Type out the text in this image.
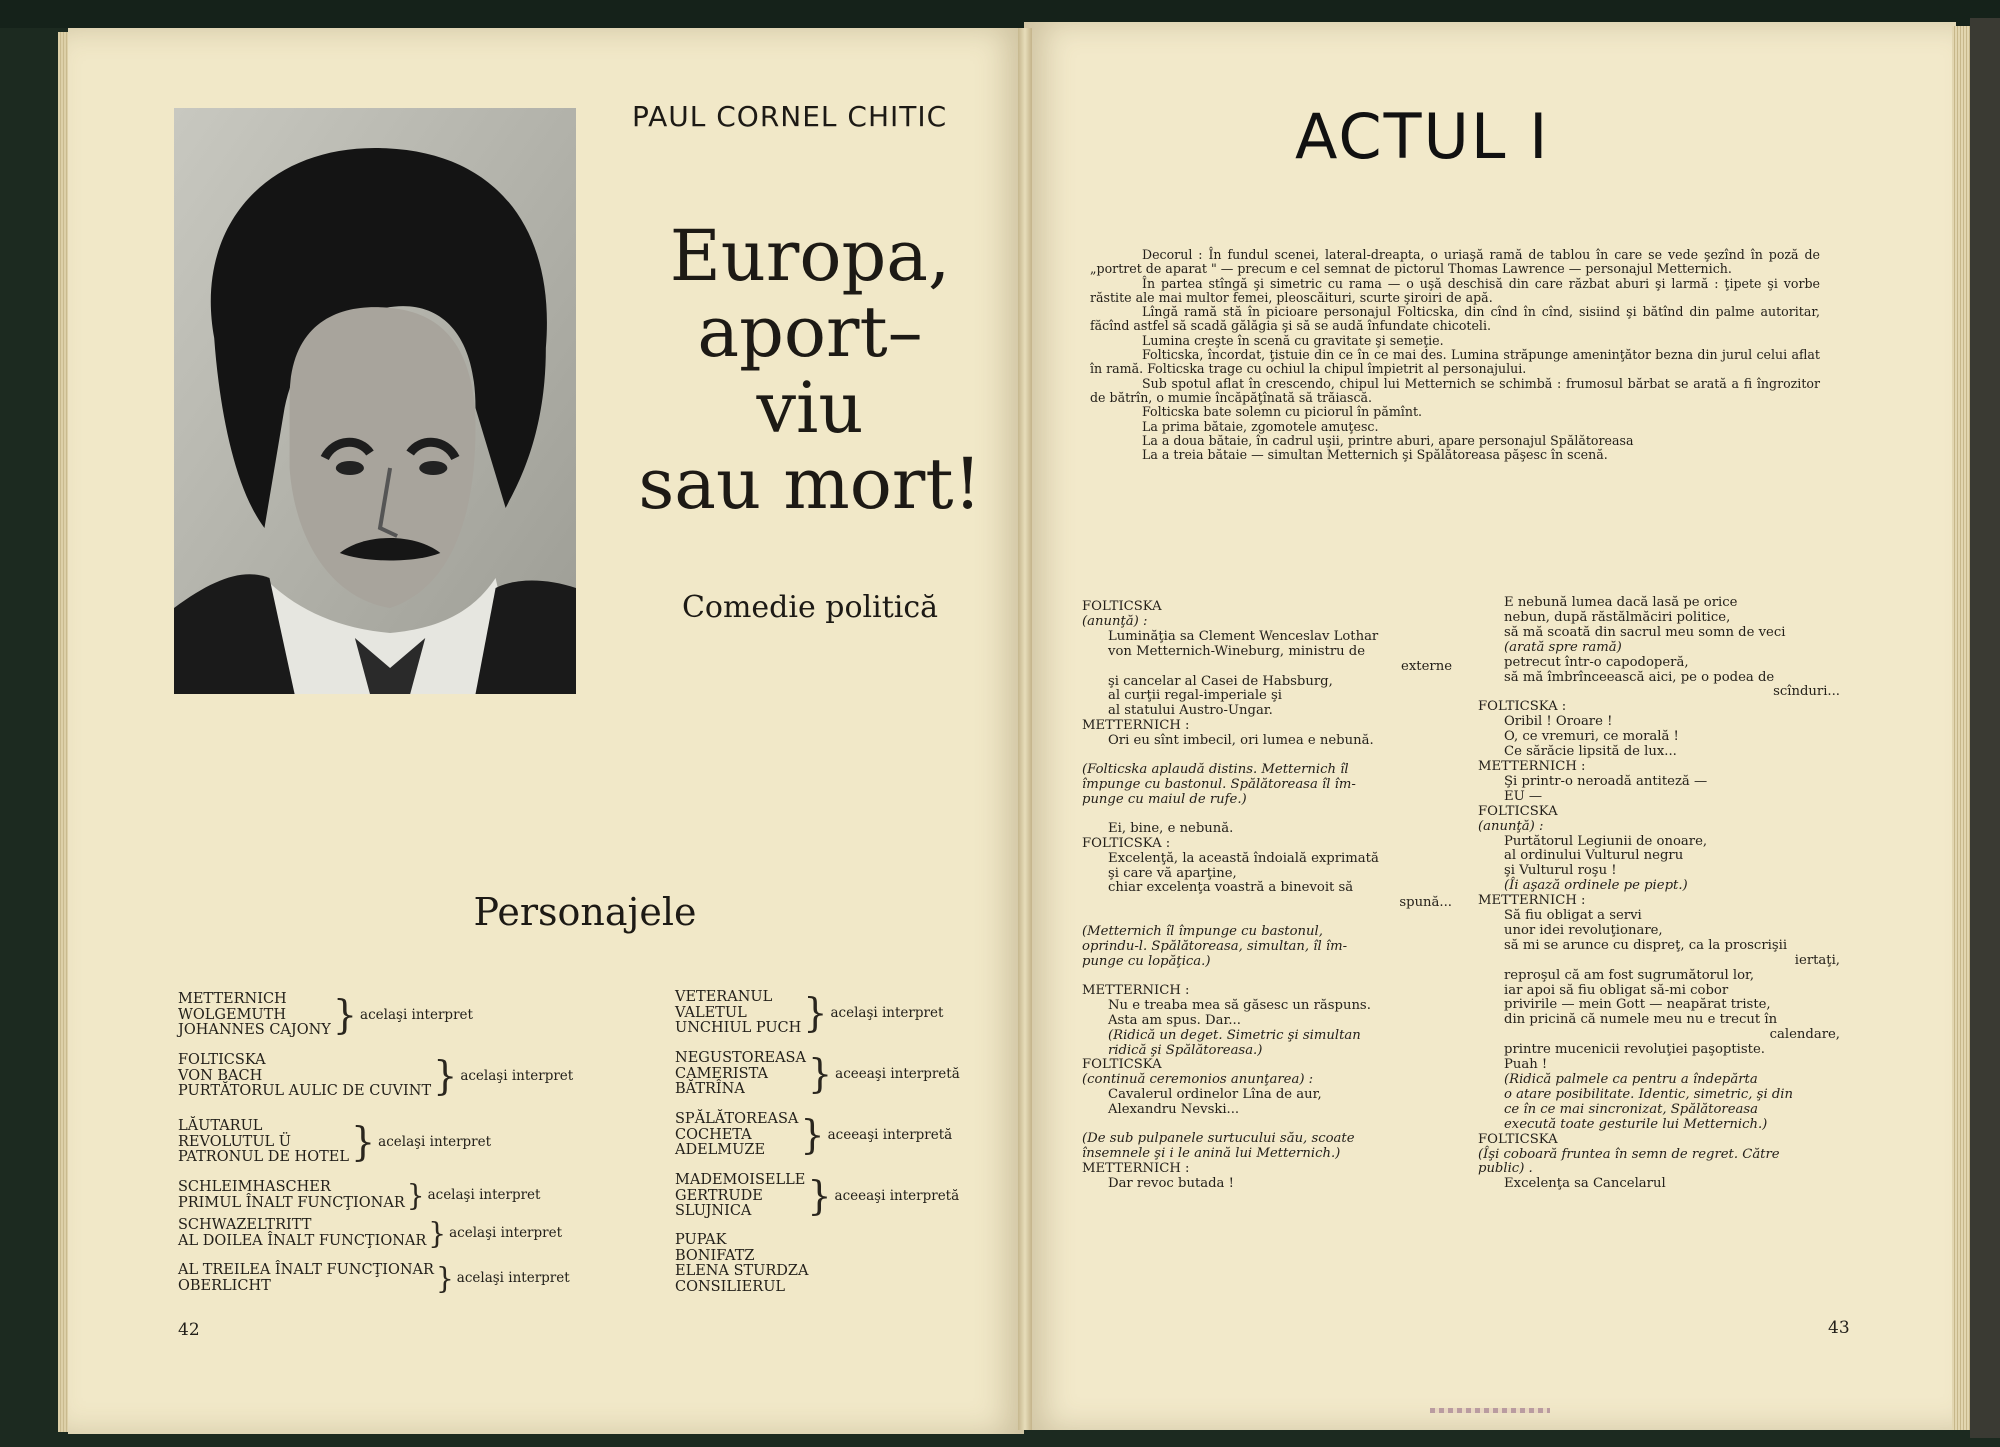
PAUL CORNEL CHITIC
Europa,
aport–
viu
sau mort!
Comedie politică
Personajele
METTERNICH
WOLGEMUTH
JOHANNES CAJONY } acelaşi interpret
FOLTICSKA
VON BACH
PURTĂTORUL AULIC DE CUVINT } acelaşi interpret
LĂUTARUL
REVOLUTUL Ü
PATRONUL DE HOTEL } acelaşi interpret
SCHLEIMHASCHER
PRIMUL ÎNALT FUNCŢIONAR } acelaşi interpret
SCHWAZELTRITT
AL DOILEA ÎNALT FUNCŢIONAR } acelaşi interpret
AL TREILEA ÎNALT FUNCŢIONAR
OBERLICHT	} acelaşi interpret
VETERANUL
VALETUL
UNCHIUL PUCH } acelaşi interpret
NEGUSTOREASA
CAMERISTA
BĂTRÎNA	} aceeaşi interpretă
SPĂLĂTOREASA
COCHETA
ADELMUZE } aceeaşi interpretă
MADEMOISELLE
GERTRUDE
SLUJNICA	} aceeaşi interpretă
PUPAK
BONIFATZ
ELENA STURDZA
CONSILIERUL
42
ACTUL I

Decorul : În fundul scenei, lateral-dreapta, o uriaşă ramă de tablou în care se vede şezînd în poză de „portret de aparat " — precum e cel semnat de pictorul Thomas Lawrence — personajul Metternich.

În partea stîngă şi simetric cu rama — o uşă deschisă din care răzbat aburi şi larmă : ţipete şi vorbe răstite ale mai multor femei, pleoscăituri, scurte şiroiri de apă.

Lîngă ramă stă în picioare personajul Folticska, din cînd în cînd, sisiind şi bătînd din palme autoritar, făcînd astfel să scadă gălăgia şi să se audă înfundate chicoteli.

Lumina creşte în scenă cu gravitate şi semeţie.

Folticska, încordat, ţistuie din ce în ce mai des. Lumina străpunge ameninţător bezna din jurul celui aflat în ramă. Folticska trage cu ochiul la chipul împietrit al personajului.

Sub spotul aflat în crescendo, chipul lui Metternich se schimbă : frumosul bărbat se arată a fi îngrozitor de bătrîn, o mumie încăpăţînată să trăiască.

Folticska bate solemn cu piciorul în pămînt.

La prima bătaie, zgomotele amuţesc.

La a doua bătaie, în cadrul uşii, printre aburi, apare personajul Spălătoreasa

La a treia bătaie — simultan Metternich şi Spălătoreasa păşesc în scenă.

FOLTICSKA
(anunţă) :
Luminăţia sa Clement Wenceslav Lothar
von Metternich-Wineburg, ministru de
externe
şi cancelar al Casei de Habsburg,
al curţii regal-imperiale şi
al statului Austro-Ungar.
METTERNICH :
Ori eu sînt imbecil, ori lumea e nebună.
(Folticska aplaudă distins. Metternich îl
împunge cu bastonul. Spălătoreasa îl îm-
punge cu maiul de rufe.)
Ei, bine, e nebună.
FOLTICSKA :
Excelenţă, la această îndoială exprimată
şi care vă aparţine,
chiar excelenţa voastră a binevoit să
spună...
(Metternich îl împunge cu bastonul,
oprindu-l. Spălătoreasa, simultan, îl îm-
punge cu lopăţica.)
METTERNICH :
Nu e treaba mea să găsesc un răspuns.
Asta am spus. Dar...
(Ridică un deget. Simetric şi simultan
ridică şi Spălătoreasa.)
FOLTICSKA
(continuă ceremonios anunţarea) :
Cavalerul ordinelor Lîna de aur,
Alexandru Nevski...
(De sub pulpanele surtucului său, scoate
însemnele şi i le anină lui Metternich.)
METTERNICH :
Dar revoc butada !
E nebună lumea dacă lasă pe orice
nebun, după răstălmăciri politice,
să mă scoată din sacrul meu somn de veci
(arată spre ramă)
petrecut într-o capodoperă,
să mă îmbrînceească aici, pe o podea de
scînduri...
FOLTICSKA :
Oribil ! Oroare !
O, ce vremuri, ce morală !
Ce sărăcie lipsită de lux...
METTERNICH :
Şi printr-o neroadă antiteză —
EU —
FOLTICSKA
(anunţă) :
Purtătorul Legiunii de onoare,
al ordinului Vulturul negru
şi Vulturul roşu !
(Îi aşază ordinele pe piept.)
METTERNICH :
Să fiu obligat a servi
unor idei revoluţionare,
să mi se arunce cu dispreţ, ca la proscrişii
iertaţi,
reproşul că am fost sugrumătorul lor,
iar apoi să fiu obligat să-mi cobor
privirile — mein Gott — neapărat triste,
din pricină că numele meu nu e trecut în
calendare,
printre mucenicii revoluţiei paşoptiste.
Puah !
(Ridică palmele ca pentru a îndepărta
o atare posibilitate. Identic, simetric, şi din
ce în ce mai sincronizat, Spălătoreasa
execută toate gesturile lui Metternich.)
FOLTICSKA
(Îşi coboară fruntea în semn de regret. Către
public) .
Excelenţa sa Cancelarul
43
